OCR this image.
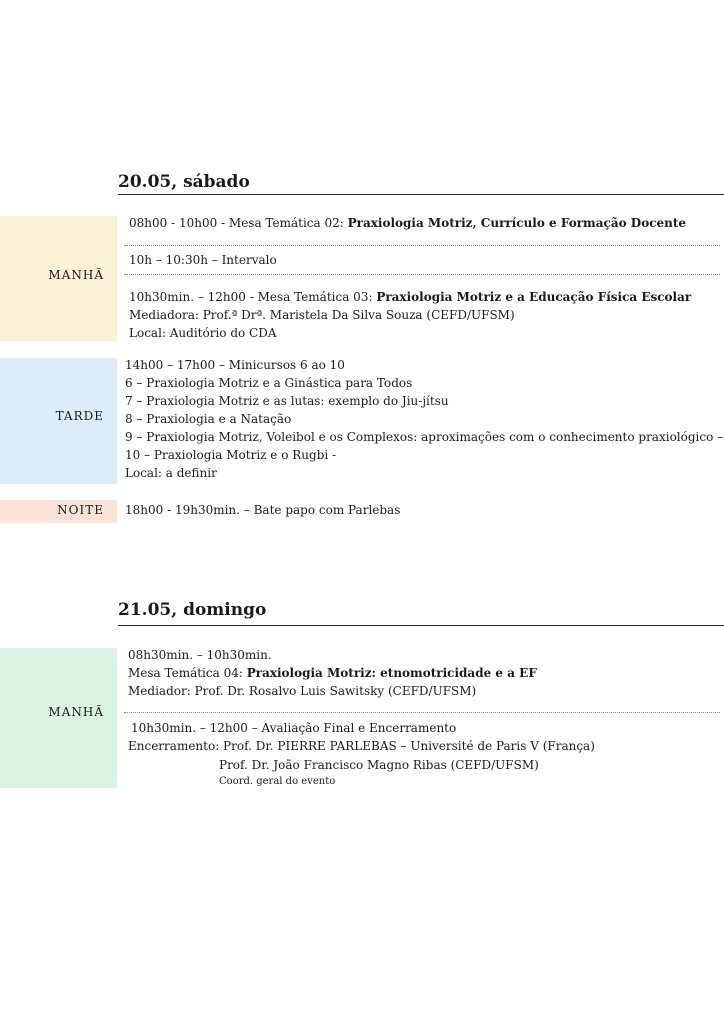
20.05, sábado
MANHÃ
08h00 - 10h00 - Mesa Temática 02: Praxiologia Motriz, Currículo e Formação Docente
10h – 10:30h – Intervalo
10h30min. – 12h00 - Mesa Temática 03: Praxiologia Motriz e a Educação Física Escolar
Mediadora: Prof.ª Drª. Maristela Da Silva Souza (CEFD/UFSM)
Local: Auditório do CDA
TARDE
14h00 – 17h00 – Minicursos 6 ao 10
6 – Praxiologia Motriz e a Ginástica para Todos
7 – Praxiologia Motriz e as lutas: exemplo do Jiu-jítsu
8 – Praxiologia e a Natação
9 – Praxiologia Motriz, Voleibol e os Complexos: aproximações com o conhecimento praxiológico –
10 – Praxiologia Motriz e o Rugbi -
Local: a definir
NOITE 18h00 - 19h30min. – Bate papo com Parlebas
21.05, domingo
MANHÃ
08h30min. – 10h30min.
Mesa Temática 04: Praxiologia Motriz: etnomotricidade e a EF
Mediador: Prof. Dr. Rosalvo Luis Sawitsky (CEFD/UFSM)
10h30min. – 12h00 – Avaliação Final e Encerramento
Encerramento: Prof. Dr. PIERRE PARLEBAS – Université de Paris V (França)
Prof. Dr. João Francisco Magno Ribas (CEFD/UFSM)
Coord. geral do evento
